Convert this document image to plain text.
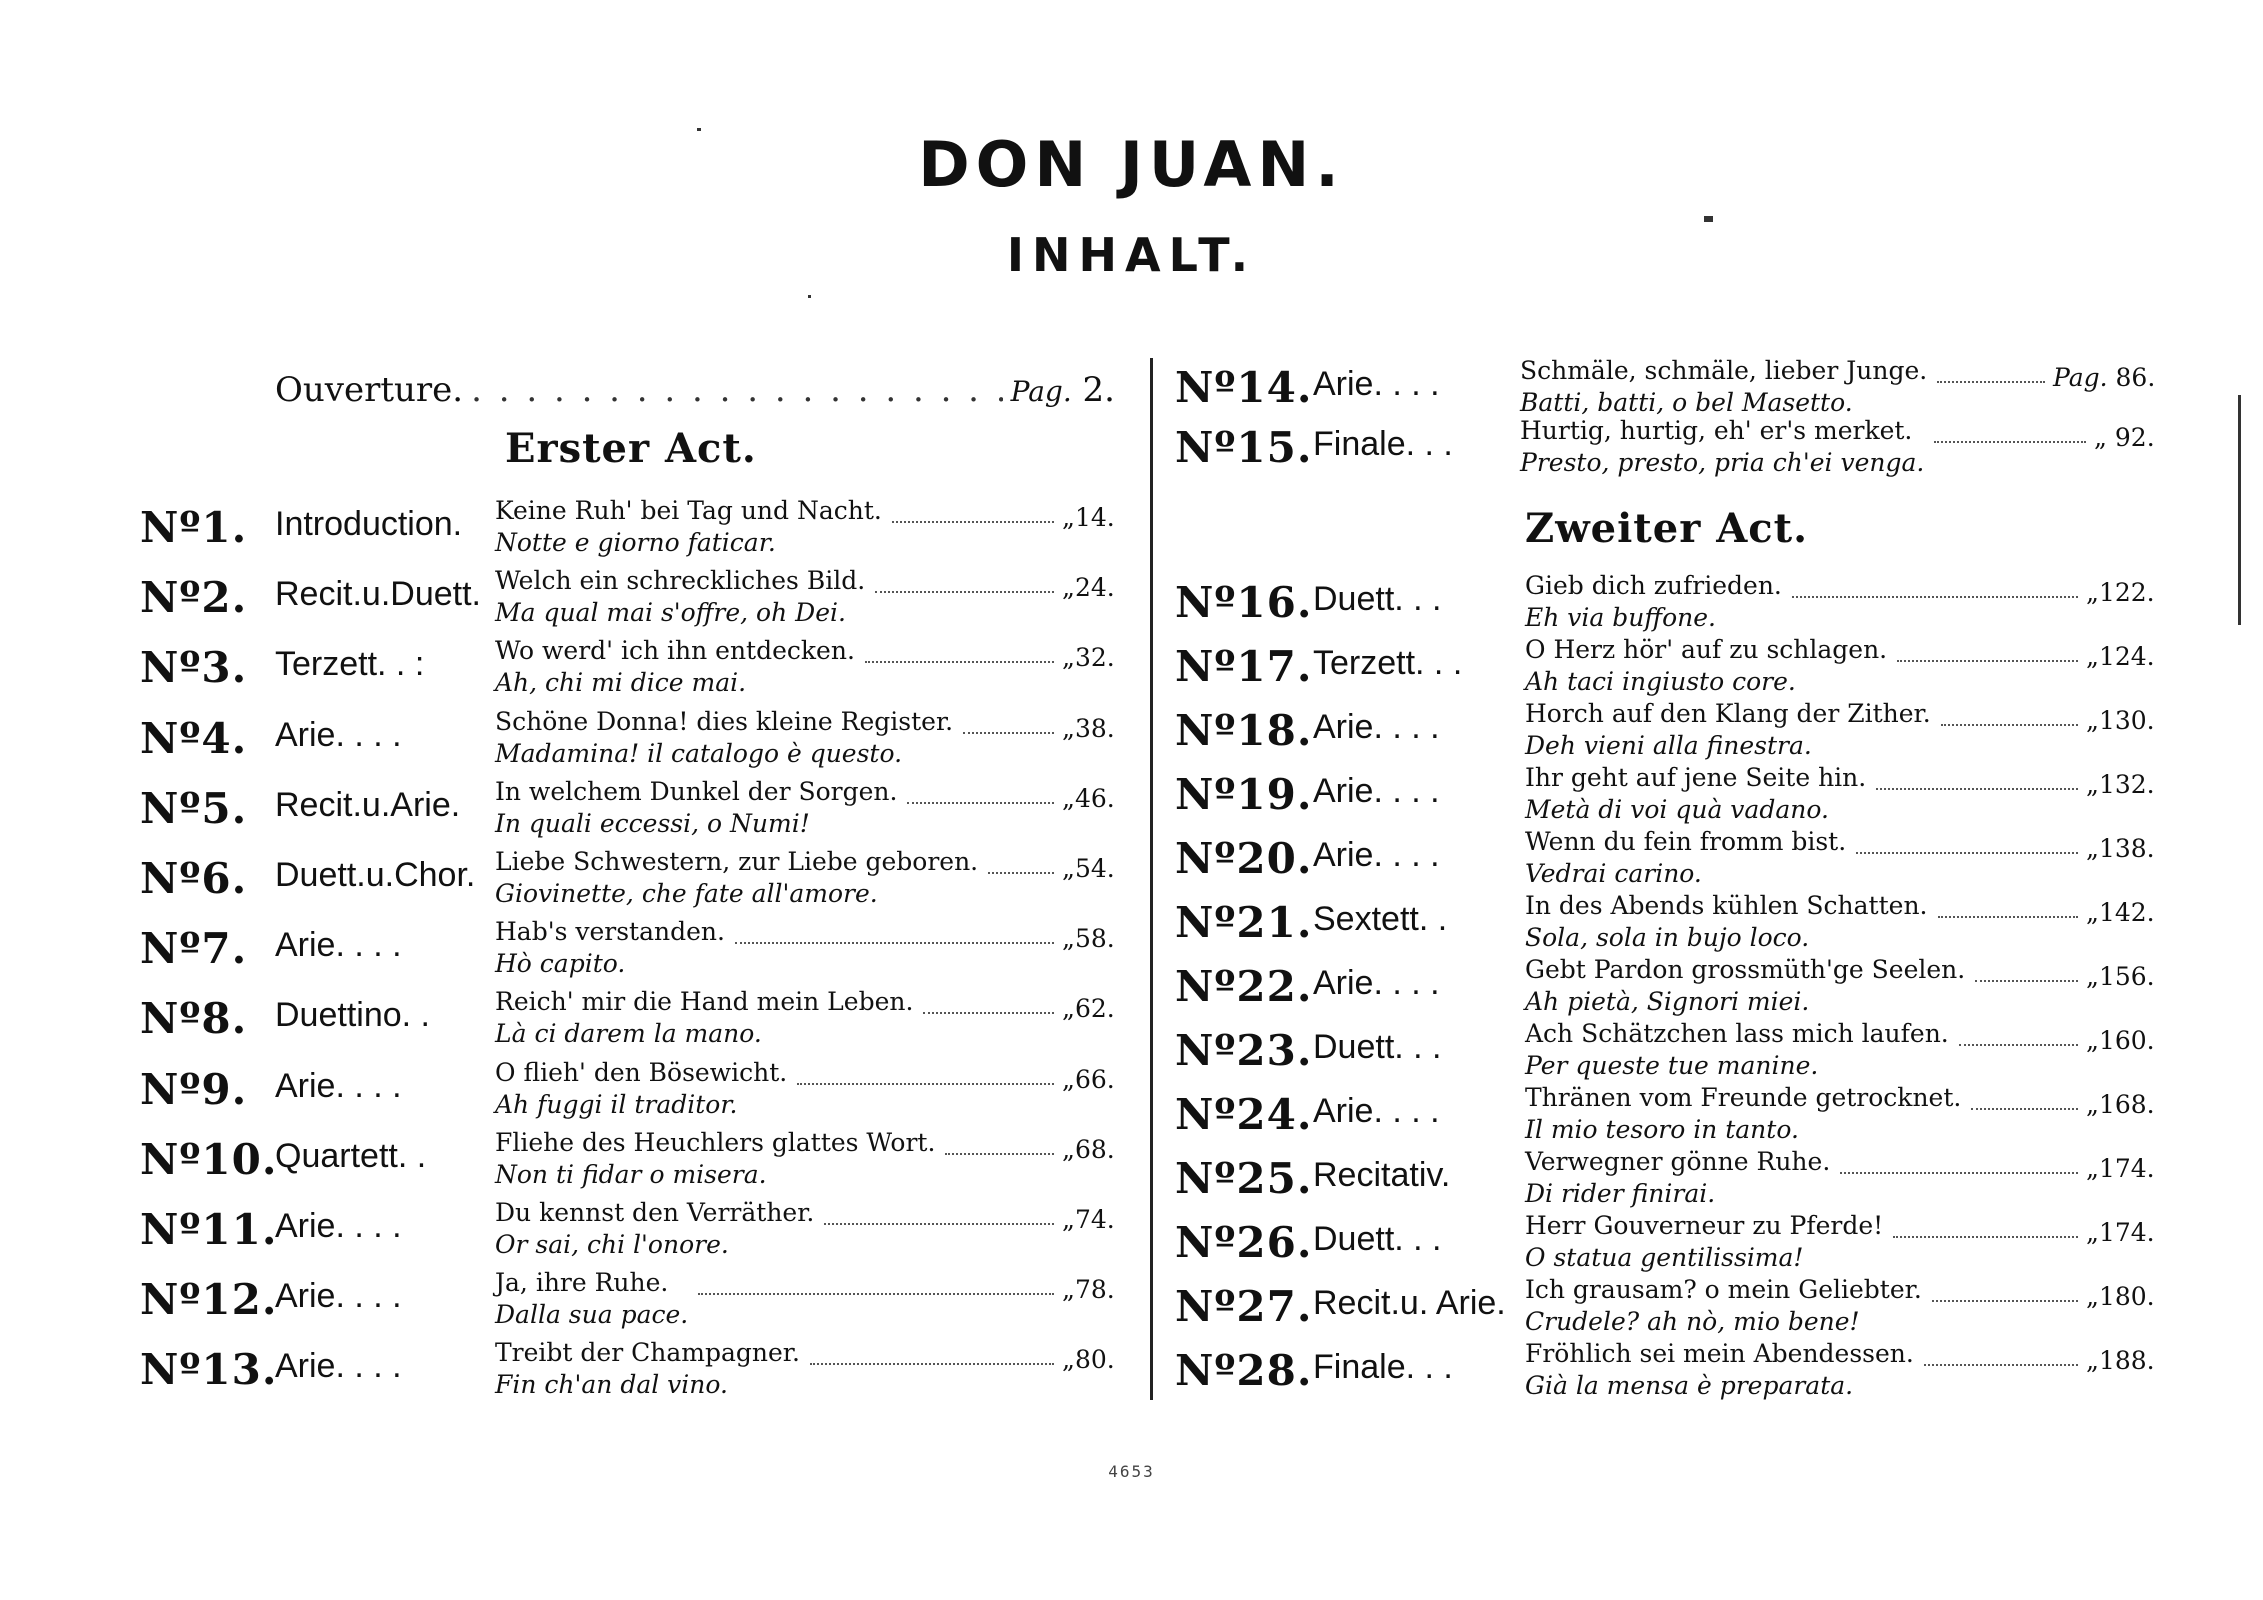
DON JUAN.
INHALT.
Ouverture.
. . .	Pag.
2.
Erster Act.
Nº1. Introduction. Keine Ruh' bei Tag und Nacht.
Notte e giorno faticar.
„14.
Nº2. Recit.u.Duett. Welch ein schreckliches Bild.
Ma qual mai s'offre, oh Dei.
„24.
Nº3. Terzett. . :	Wo werd' ich ihn entdecken.
Ah, chi mi dice mai.
„32.
Nº4. Arie. . . .	Schöne Donna! dies kleine Register.
Madamina! il catalogo è questo.
„38.
Nº5. Recit.u.Arie. In welchem Dunkel der Sorgen.
In quali eccessi, o Numi!
„46.
Nº6. Duett.u.Chor. Liebe Schwestern, zur Liebe geboren.
Giovinette, che fate all'amore.
„54.
Nº7. Arie. . . .	Hab's verstanden.
Hò capito.
„58.
Nº8. Duettino. .	Reich' mir die Hand mein Leben.
Là ci darem la mano.
„62.
Nº9. Arie. . . .	O flieh' den Bösewicht.
Ah fuggi il traditor.
„66.
Nº10.
Quartett. .	Fliehe des Heuchlers glattes Wort.
Non ti fidar o misera.
„68.
Nº11.
Arie. . . .	Du kennst den Verräther.
Or sai, chi l'onore.
„74.
Nº12.
Arie. . . .	Ja, ihre Ruhe.
Dalla sua pace.
„78.
Nº13.
Arie. . . .	Treibt der Champagner.
Fin ch'an dal vino.
„80.
Nº14. Arie. . . .	Schmäle, schmäle, lieber Junge.
Batti, batti, o bel Masetto.
Pag. 86.
Nº15. Finale. . .	Hurtig, hurtig, eh' er's merket.
Presto, presto, pria ch'ei venga.
„ 92.
Zweiter Act.
Nº16. Duett. . .	Gieb dich zufrieden.
Eh via buffone.
„122.
Nº17. Terzett. . .	O Herz hör' auf zu schlagen.
Ah taci ingiusto core.
„124.
Nº18. Arie. . . .	Horch auf den Klang der Zither.
Deh vieni alla finestra.
„130.
Nº19. Arie. . . .	Ihr geht auf jene Seite hin.
Metà di voi quà vadano.
„132.
Nº20. Arie. . . .	Wenn du fein fromm bist.
Vedrai carino.
„138.
Nº21. Sextett. .	In des Abends kühlen Schatten.
Sola, sola in bujo loco.
„142.
Nº22. Arie. . . .	Gebt Pardon grossmüth'ge Seelen.
Ah pietà, Signori miei.
„156.
Nº23. Duett. . .	Ach Schätzchen lass mich laufen.
Per queste tue manine.
„160.
Nº24. Arie. . . .	Thränen vom Freunde getrocknet.
Il mio tesoro in tanto.
„168.
Nº25. Recitativ.	Verwegner gönne Ruhe.
Di rider finirai.
„174.
Nº26. Duett. . .	Herr Gouverneur zu Pferde!
O statua gentilissima!
„174.
Nº27. Recit.u. Arie. Ich grausam? o mein Geliebter.
Crudele? ah nò, mio bene!
„180.
Nº28. Finale. . .	Fröhlich sei mein Abendessen.
Già la mensa è preparata.
„188.
4653
